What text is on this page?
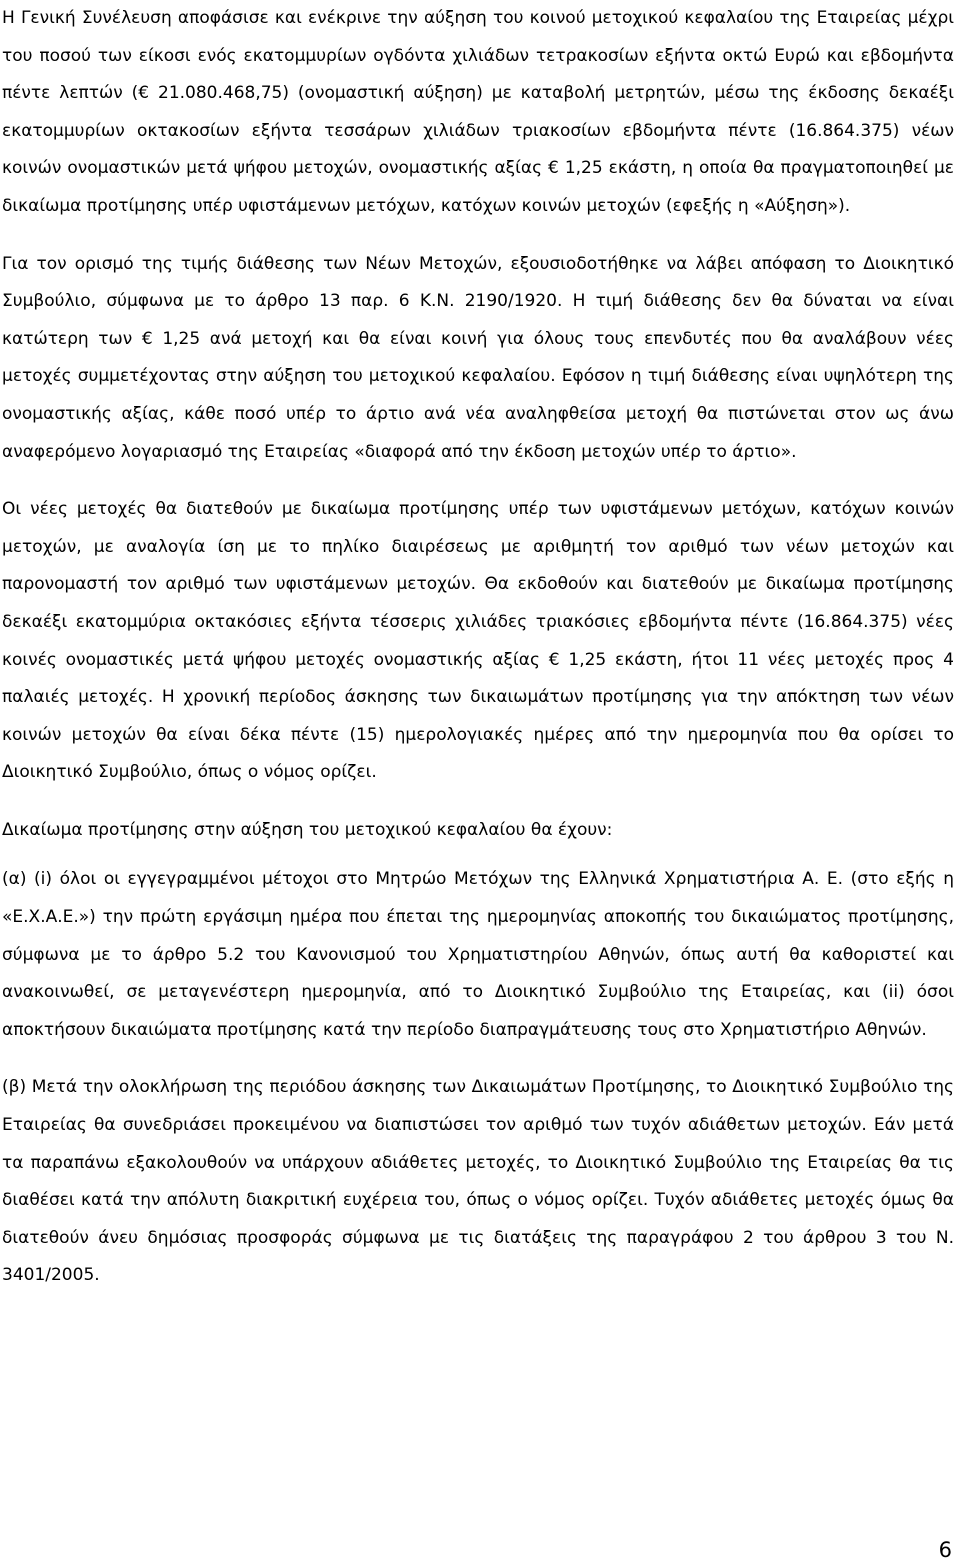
Η Γενική Συνέλευση αποφάσισε και ενέκρινε την αύξηση του κοινού μετοχικού κεφαλαίου της Εταιρείας μέχρι του ποσού των είκοσι ενός εκατομμυρίων ογδόντα χιλιάδων τετρακοσίων εξήντα οκτώ Ευρώ και εβδομήντα πέντε λεπτών (€ 21.080.468,75) (ονομαστική αύξηση) με καταβολή μετρητών, μέσω της έκδοσης δεκαέξι εκατομμυρίων οκτακοσίων εξήντα τεσσάρων χιλιάδων τριακοσίων εβδομήντα πέντε (16.864.375) νέων κοινών ονομαστικών μετά ψήφου μετοχών, ονομαστικής αξίας € 1,25 εκάστη, η οποία θα πραγματοποιηθεί με δικαίωμα προτίμησης υπέρ υφιστάμενων μετόχων, κατόχων κοινών μετοχών (εφεξής η «Αύξηση»).

Για τον ορισμό της τιμής διάθεσης των Νέων Μετοχών, εξουσιοδοτήθηκε να λάβει απόφαση το Διοικητικό Συμβούλιο, σύμφωνα με το άρθρο 13 παρ. 6 Κ.Ν. 2190/1920. Η τιμή διάθεσης δεν θα δύναται να είναι κατώτερη των € 1,25 ανά μετοχή και θα είναι κοινή για όλους τους επενδυτές που θα αναλάβουν νέες μετοχές συμμετέχοντας στην αύξηση του μετοχικού κεφαλαίου. Εφόσον η τιμή διάθεσης είναι υψηλότερη της ονομαστικής αξίας, κάθε ποσό υπέρ το άρτιο ανά νέα αναληφθείσα μετοχή θα πιστώνεται στον ως άνω αναφερόμενο λογαριασμό της Εταιρείας «διαφορά από την έκδοση μετοχών υπέρ το άρτιο».

Οι νέες μετοχές θα διατεθούν με δικαίωμα προτίμησης υπέρ των υφιστάμενων μετόχων, κατόχων κοινών μετοχών, με αναλογία ίση με το πηλίκο διαιρέσεως με αριθμητή τον αριθμό των νέων μετοχών και παρονομαστή τον αριθμό των υφιστάμενων μετοχών. Θα εκδοθούν και διατεθούν με δικαίωμα προτίμησης δεκαέξι εκατομμύρια οκτακόσιες εξήντα τέσσερις χιλιάδες τριακόσιες εβδομήντα πέντε (16.864.375) νέες κοινές ονομαστικές μετά ψήφου μετοχές ονομαστικής αξίας € 1,25 εκάστη, ήτοι 11 νέες μετοχές προς 4 παλαιές μετοχές. Η χρονική περίοδος άσκησης των δικαιωμάτων προτίμησης για την απόκτηση των νέων κοινών μετοχών θα είναι δέκα πέντε (15) ημερολογιακές ημέρες από την ημερομηνία που θα ορίσει το Διοικητικό Συμβούλιο, όπως ο νόμος ορίζει.

Δικαίωμα προτίμησης στην αύξηση του μετοχικού κεφαλαίου θα έχουν:

(α) (i) όλοι οι εγγεγραμμένοι μέτοχοι στο Μητρώο Μετόχων της Ελληνικά Χρηματιστήρια Α. Ε. (στο εξής η «Ε.Χ.Α.Ε.») την πρώτη εργάσιμη ημέρα που έπεται της ημερομηνίας αποκοπής του δικαιώματος προτίμησης, σύμφωνα με το άρθρο 5.2 του Κανονισμού του Χρηματιστηρίου Αθηνών, όπως αυτή θα καθοριστεί και ανακοινωθεί, σε μεταγενέστερη ημερομηνία, από το Διοικητικό Συμβούλιο της Εταιρείας, και (ii) όσοι αποκτήσουν δικαιώματα προτίμησης κατά την περίοδο διαπραγμάτευσης τους στο Χρηματιστήριο Αθηνών.

(β) Μετά την ολοκλήρωση της περιόδου άσκησης των Δικαιωμάτων Προτίμησης, το Διοικητικό Συμβούλιο της Εταιρείας θα συνεδριάσει προκειμένου να διαπιστώσει τον αριθμό των τυχόν αδιάθετων μετοχών. Εάν μετά τα παραπάνω εξακολουθούν να υπάρχουν αδιάθετες μετοχές, το Διοικητικό Συμβούλιο της Εταιρείας θα τις διαθέσει κατά την απόλυτη διακριτική ευχέρεια του, όπως ο νόμος ορίζει. Τυχόν αδιάθετες μετοχές όμως θα διατεθούν άνευ δημόσιας προσφοράς σύμφωνα με τις διατάξεις της παραγράφου 2 του άρθρου 3 του Ν. 3401/2005.

6
